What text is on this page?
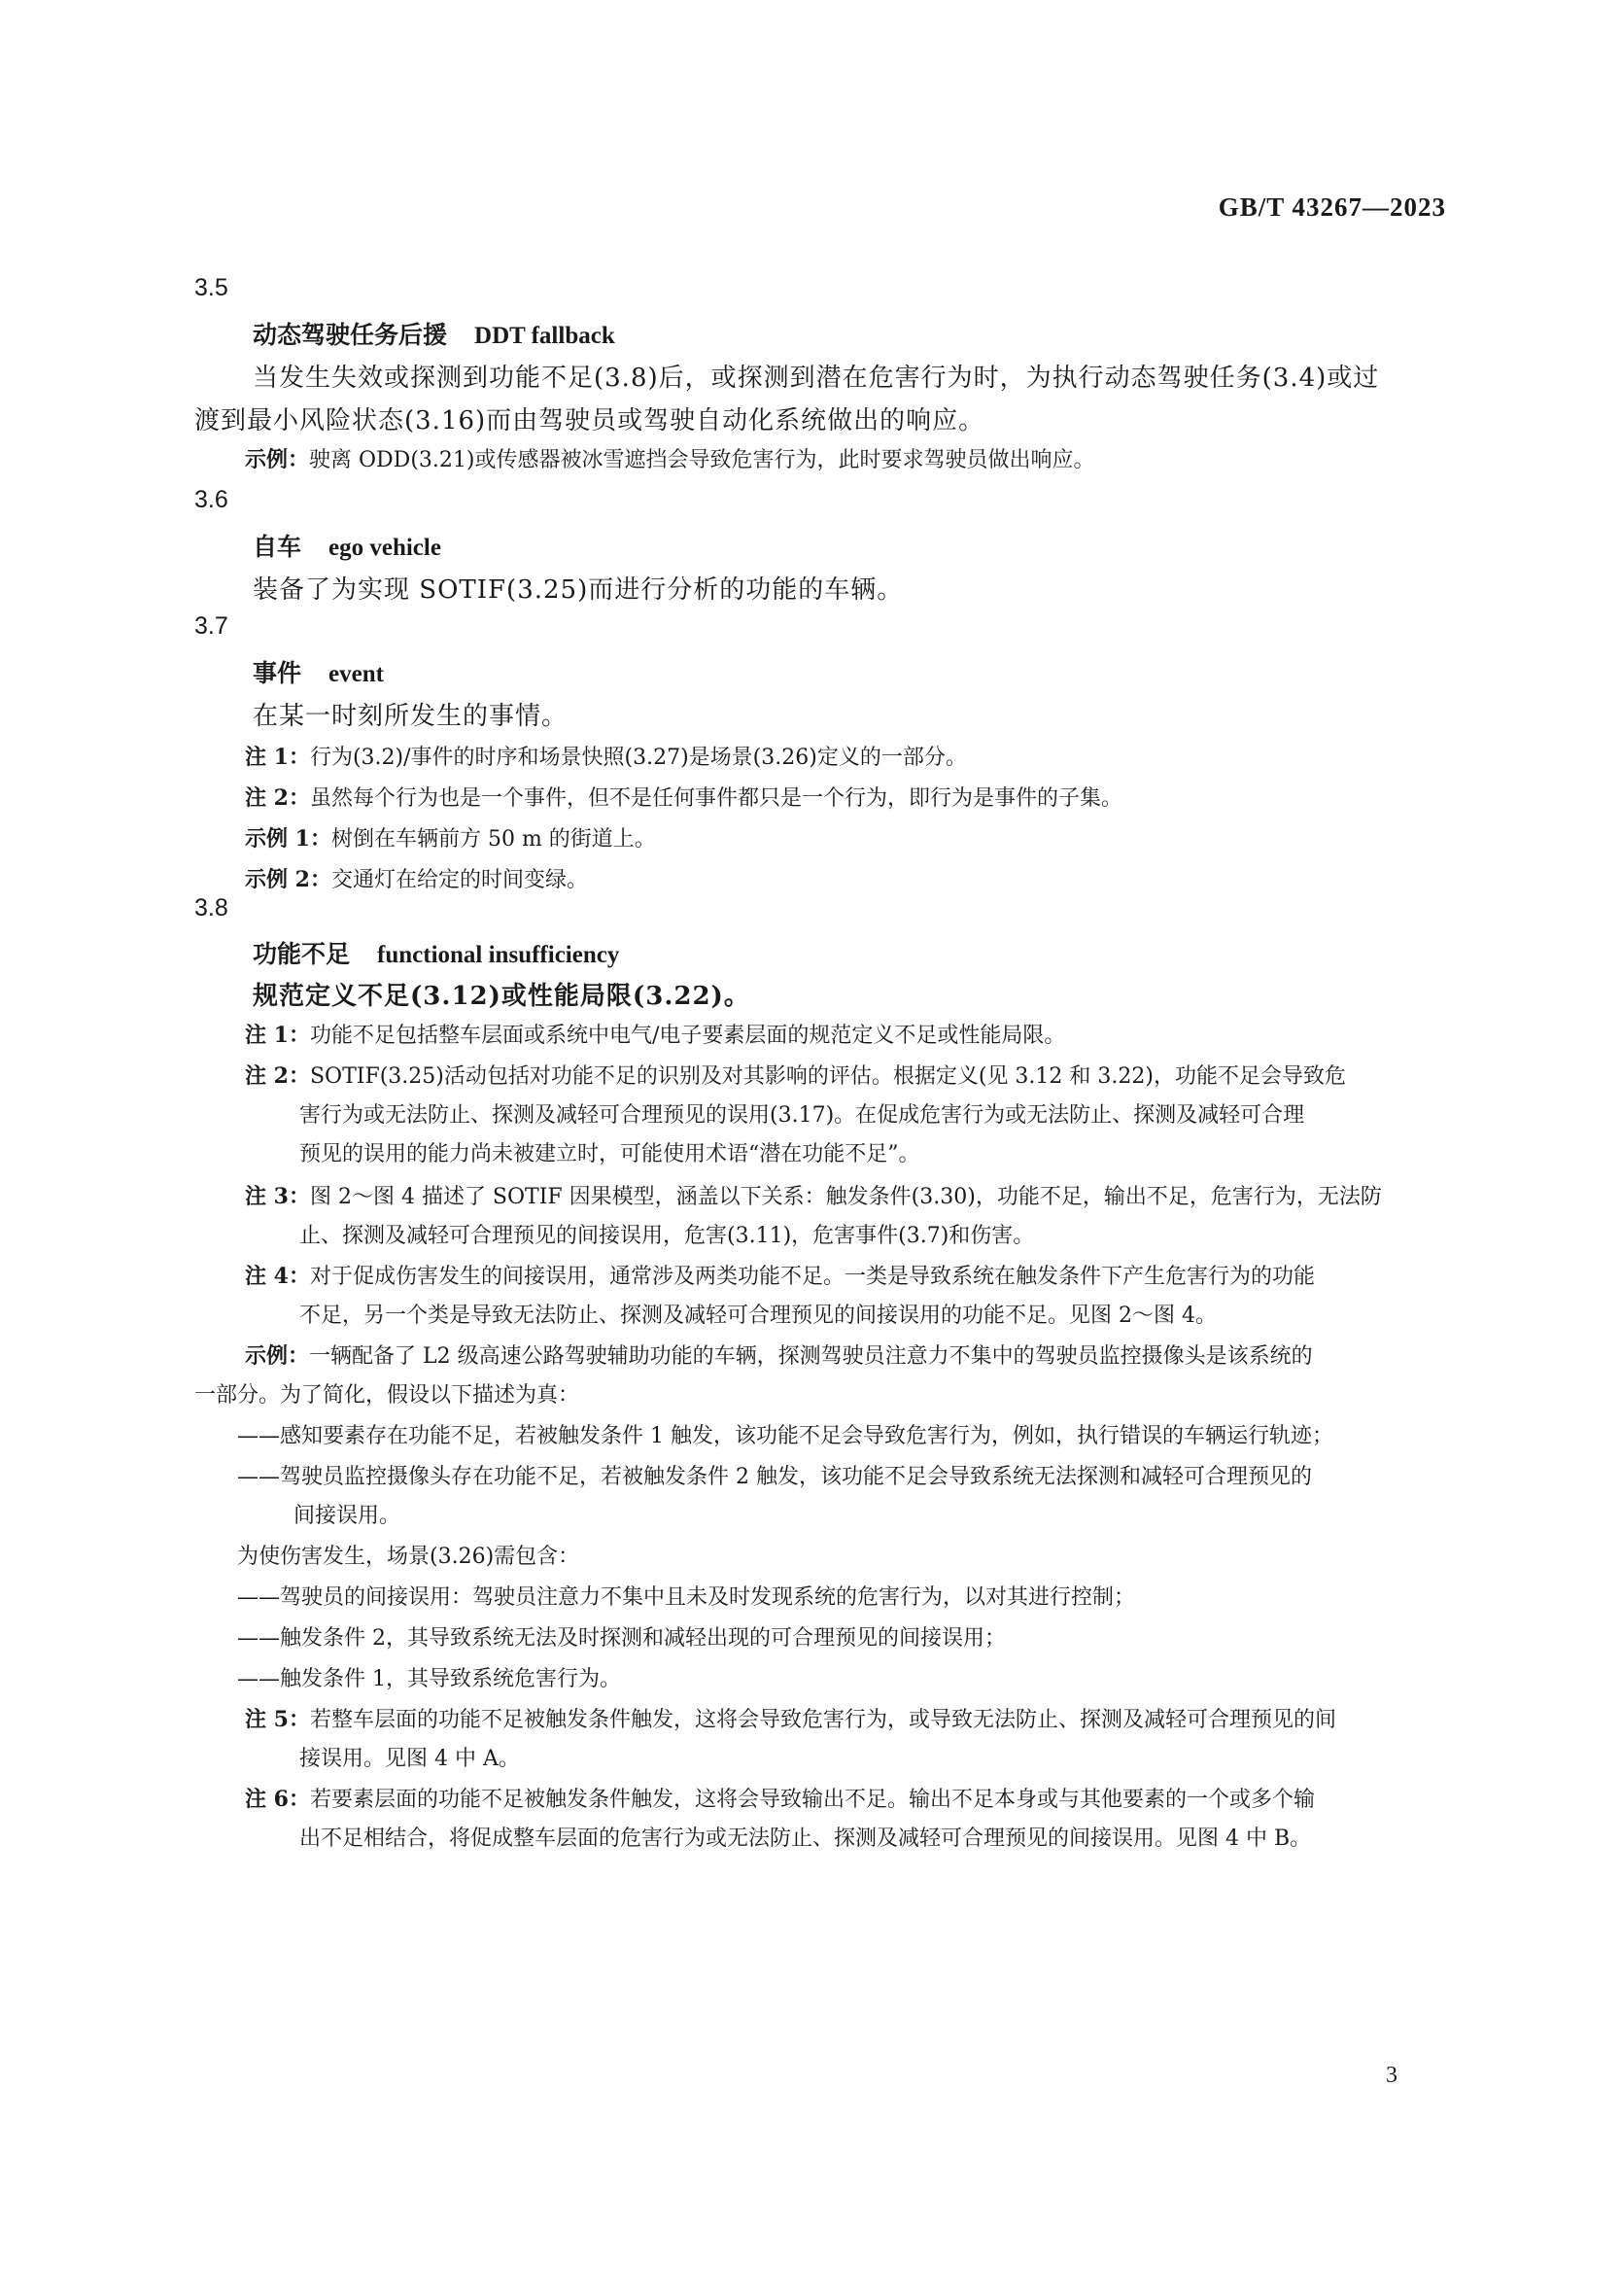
GB/T 43267—2023
3.5
动态驾驶任务后援 DDT fallback
当发生失效或探测到功能不足(3.8)后，或探测到潜在危害行为时，为执行动态驾驶任务(3.4)或过
渡到最小风险状态(3.16)而由驾驶员或驾驶自动化系统做出的响应。
示例：驶离 ODD(3.21)或传感器被冰雪遮挡会导致危害行为，此时要求驾驶员做出响应。
3.6
自车 ego vehicle
装备了为实现 SOTIF(3.25)而进行分析的功能的车辆。
3.7
事件 event
在某一时刻所发生的事情。
注 1：行为(3.2)/事件的时序和场景快照(3.27)是场景(3.26)定义的一部分。
注 2：虽然每个行为也是一个事件，但不是任何事件都只是一个行为，即行为是事件的子集。
示例 1：树倒在车辆前方 50 m 的街道上。
示例 2：交通灯在给定的时间变绿。
3.8
功能不足 functional insufficiency
规范定义不足(3.12)或性能局限(3.22)。
注 1：功能不足包括整车层面或系统中电气/电子要素层面的规范定义不足或性能局限。
注 2：SOTIF(3.25)活动包括对功能不足的识别及对其影响的评估。根据定义(见 3.12 和 3.22)，功能不足会导致危
害行为或无法防止、探测及减轻可合理预见的误用(3.17)。在促成危害行为或无法防止、探测及减轻可合理
预见的误用的能力尚未被建立时，可能使用术语“潜在功能不足”。
注 3：图 2～图 4 描述了 SOTIF 因果模型，涵盖以下关系：触发条件(3.30)，功能不足，输出不足，危害行为，无法防
止、探测及减轻可合理预见的间接误用，危害(3.11)，危害事件(3.7)和伤害。
注 4：对于促成伤害发生的间接误用，通常涉及两类功能不足。一类是导致系统在触发条件下产生危害行为的功能
不足，另一个类是导致无法防止、探测及减轻可合理预见的间接误用的功能不足。见图 2～图 4。
示例：一辆配备了 L2 级高速公路驾驶辅助功能的车辆，探测驾驶员注意力不集中的驾驶员监控摄像头是该系统的
一部分。为了简化，假设以下描述为真：
——感知要素存在功能不足，若被触发条件 1 触发，该功能不足会导致危害行为，例如，执行错误的车辆运行轨迹；
——驾驶员监控摄像头存在功能不足，若被触发条件 2 触发，该功能不足会导致系统无法探测和减轻可合理预见的
间接误用。
为使伤害发生，场景(3.26)需包含：
——驾驶员的间接误用：驾驶员注意力不集中且未及时发现系统的危害行为，以对其进行控制；
——触发条件 2，其导致系统无法及时探测和减轻出现的可合理预见的间接误用；
——触发条件 1，其导致系统危害行为。
注 5：若整车层面的功能不足被触发条件触发，这将会导致危害行为，或导致无法防止、探测及减轻可合理预见的间
接误用。见图 4 中 A。
注 6：若要素层面的功能不足被触发条件触发，这将会导致输出不足。输出不足本身或与其他要素的一个或多个输
出不足相结合，将促成整车层面的危害行为或无法防止、探测及减轻可合理预见的间接误用。见图 4 中 B。
3
